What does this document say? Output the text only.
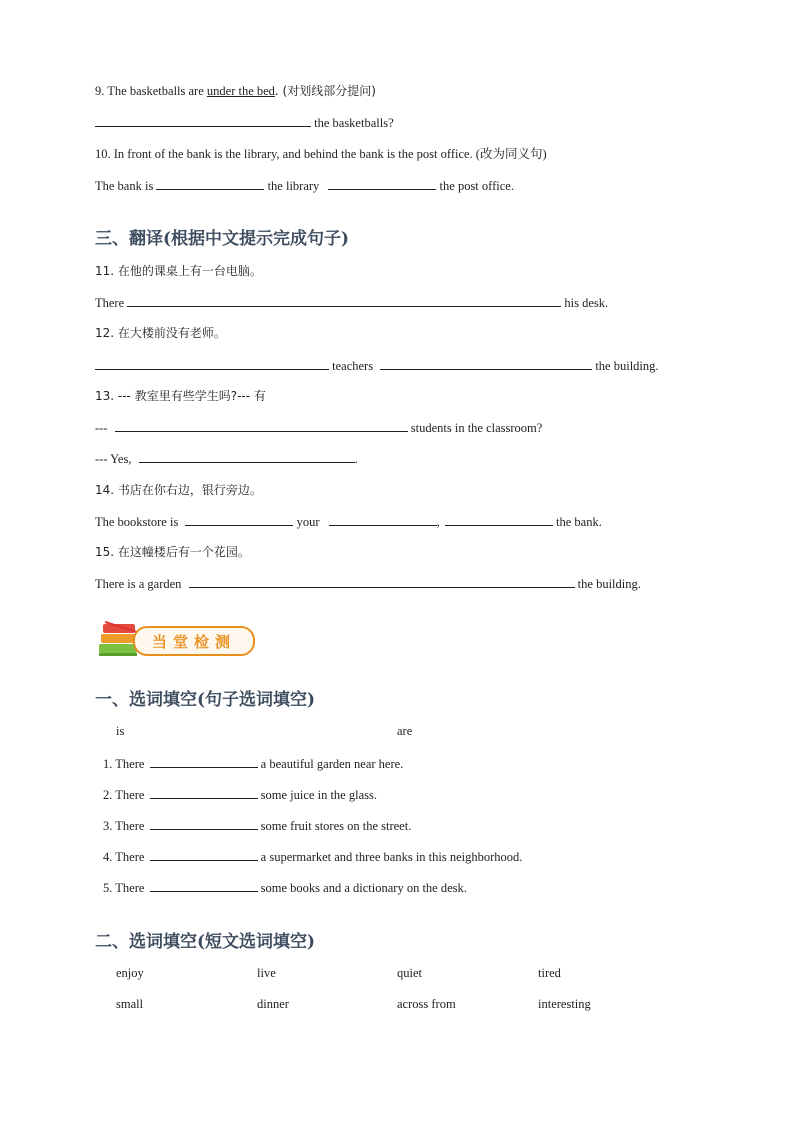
9. The basketballs are under the bed. (对划线部分提问)
the basketballs?
10. In front of the bank is the library, and behind the bank is the post office. (改为同义句)
The bank is	the library	the post office.
三、翻译(根据中文提示完成句子)
11. 在他的课桌上有一台电脑。
There	his desk.
12. 在大楼前没有老师。
teachers	the building.
13. --- 教室里有些学生吗?--- 有
---	students in the classroom?
--- Yes,	.
14. 书店在你右边，银行旁边。
The bookstore is	your	,	the bank.
15. 在这幢楼后有一个花园。
There is a garden	the building.
当堂检测
一、选词填空(句子选词填空)
is	are
1. There	a beautiful garden near here.
2. There	some juice in the glass.
3. There	some fruit stores on the street.
4. There	a supermarket and three banks in this neighborhood.
5. There	some books and a dictionary on the desk.
二、选词填空(短文选词填空)
enjoy	live	quiet	tired
small	dinner	across from	interesting
